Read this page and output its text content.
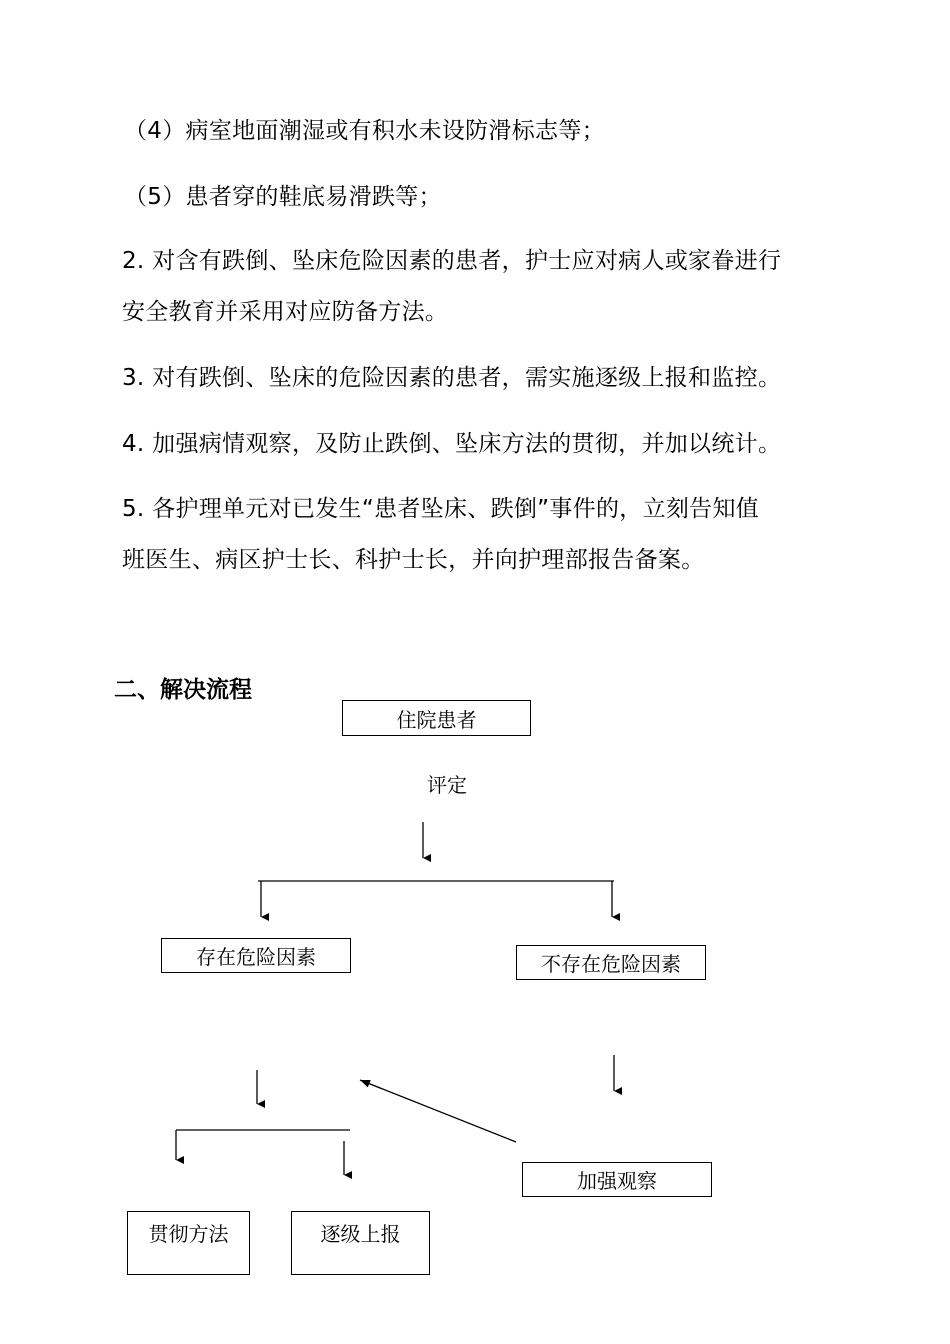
（4）病室地面潮湿或有积水未设防滑标志等；
（5）患者穿的鞋底易滑跌等；
2. 对含有跌倒、坠床危险因素的患者，护士应对病人或家眷进行
安全教育并采用对应防备方法。
3. 对有跌倒、坠床的危险因素的患者，需实施逐级上报和监控。
4. 加强病情观察，及防止跌倒、坠床方法的贯彻，并加以统计。
5. 各护理单元对已发生“患者坠床、跌倒”事件的，立刻告知值
班医生、病区护士长、科护士长，并向护理部报告备案。
二、解决流程
住院患者
评定
存在危险因素	不存在危险因素
加强观察
贯彻方法	逐级上报
